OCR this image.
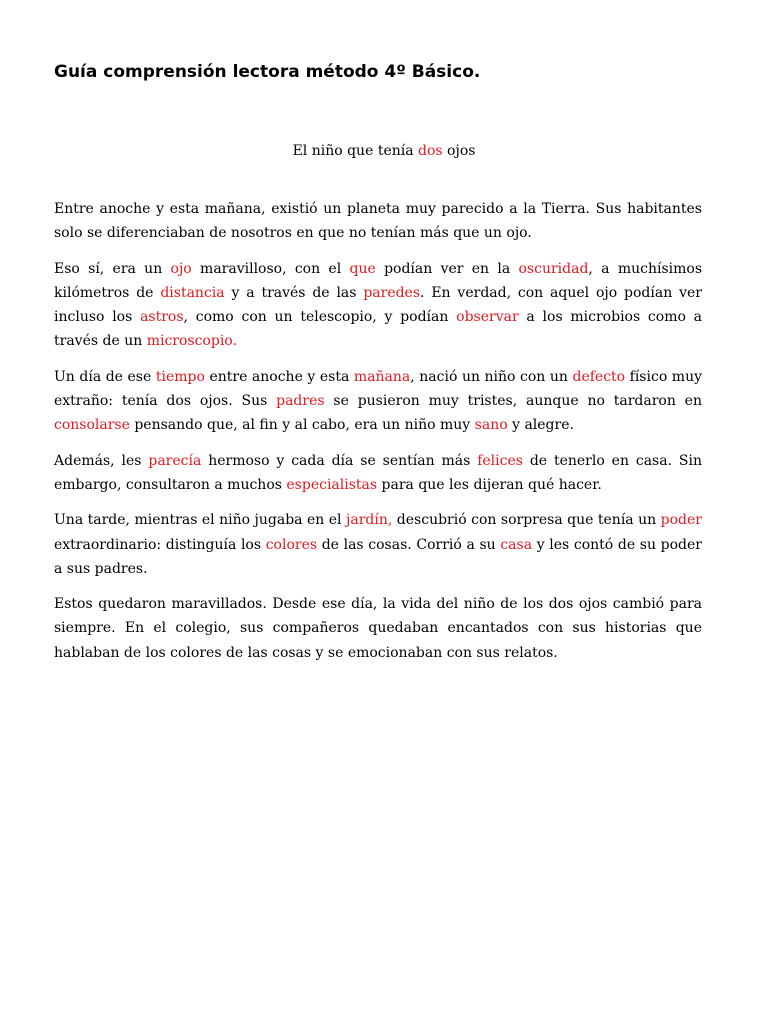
Guía comprensión lectora método 4º Básico.
El niño que tenía dos ojos

Entre anoche y esta mañana, existió un planeta muy parecido a la Tierra. Sus habitantes solo se diferenciaban de nosotros en que no tenían más que un ojo.

Eso sí, era un ojo maravilloso, con el que podían ver en la oscuridad, a muchísimos kilómetros de distancia y a través de las paredes. En verdad, con aquel ojo podían ver incluso los astros, como con un telescopio, y podían observar a los microbios como a través de un microscopio.

Un día de ese tiempo entre anoche y esta mañana, nació un niño con un defecto físico muy extraño: tenía dos ojos. Sus padres se pusieron muy tristes, aunque no tardaron en consolarse pensando que, al fin y al cabo, era un niño muy sano y alegre.

Además, les parecía hermoso y cada día se sentían más felices de tenerlo en casa. Sin embargo, consultaron a muchos especialistas para que les dijeran qué hacer.

Una tarde, mientras el niño jugaba en el jardín, descubrió con sorpresa que tenía un poder extraordinario: distinguía los colores de las cosas. Corrió a su casa y les contó de su poder a sus padres.

Estos quedaron maravillados. Desde ese día, la vida del niño de los dos ojos cambió para siempre. En el colegio, sus compañeros quedaban encantados con sus historias que hablaban de los colores de las cosas y se emocionaban con sus relatos.
